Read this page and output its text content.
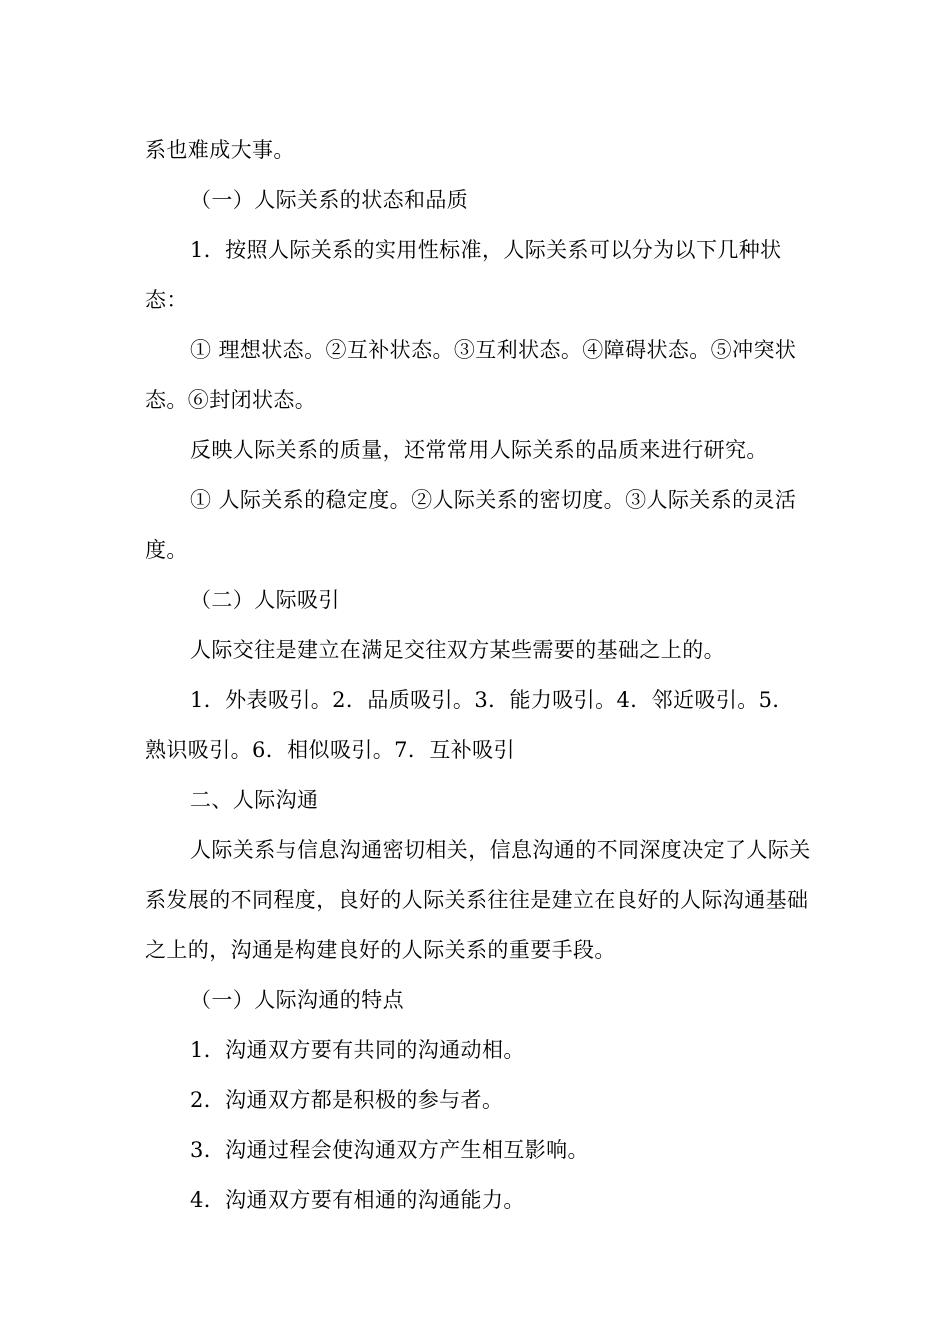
系也难成大事。

（一）人际关系的状态和品质

1．按照人际关系的实用性标准，人际关系可以分为以下几种状态：

① 理想状态。②互补状态。③互利状态。④障碍状态。⑤冲突状态。⑥封闭状态。

反映人际关系的质量，还常常用人际关系的品质来进行研究。

① 人际关系的稳定度。②人际关系的密切度。③人际关系的灵活度。

（二）人际吸引

人际交往是建立在满足交往双方某些需要的基础之上的。

1．外表吸引。2．品质吸引。3．能力吸引。4．邻近吸引。5．熟识吸引。6．相似吸引。7．互补吸引

二、人际沟通

人际关系与信息沟通密切相关，信息沟通的不同深度决定了人际关系发展的不同程度，良好的人际关系往往是建立在良好的人际沟通基础之上的，沟通是构建良好的人际关系的重要手段。

（一）人际沟通的特点

1．沟通双方要有共同的沟通动相。

2．沟通双方都是积极的参与者。

3．沟通过程会使沟通双方产生相互影响。

4．沟通双方要有相通的沟通能力。
